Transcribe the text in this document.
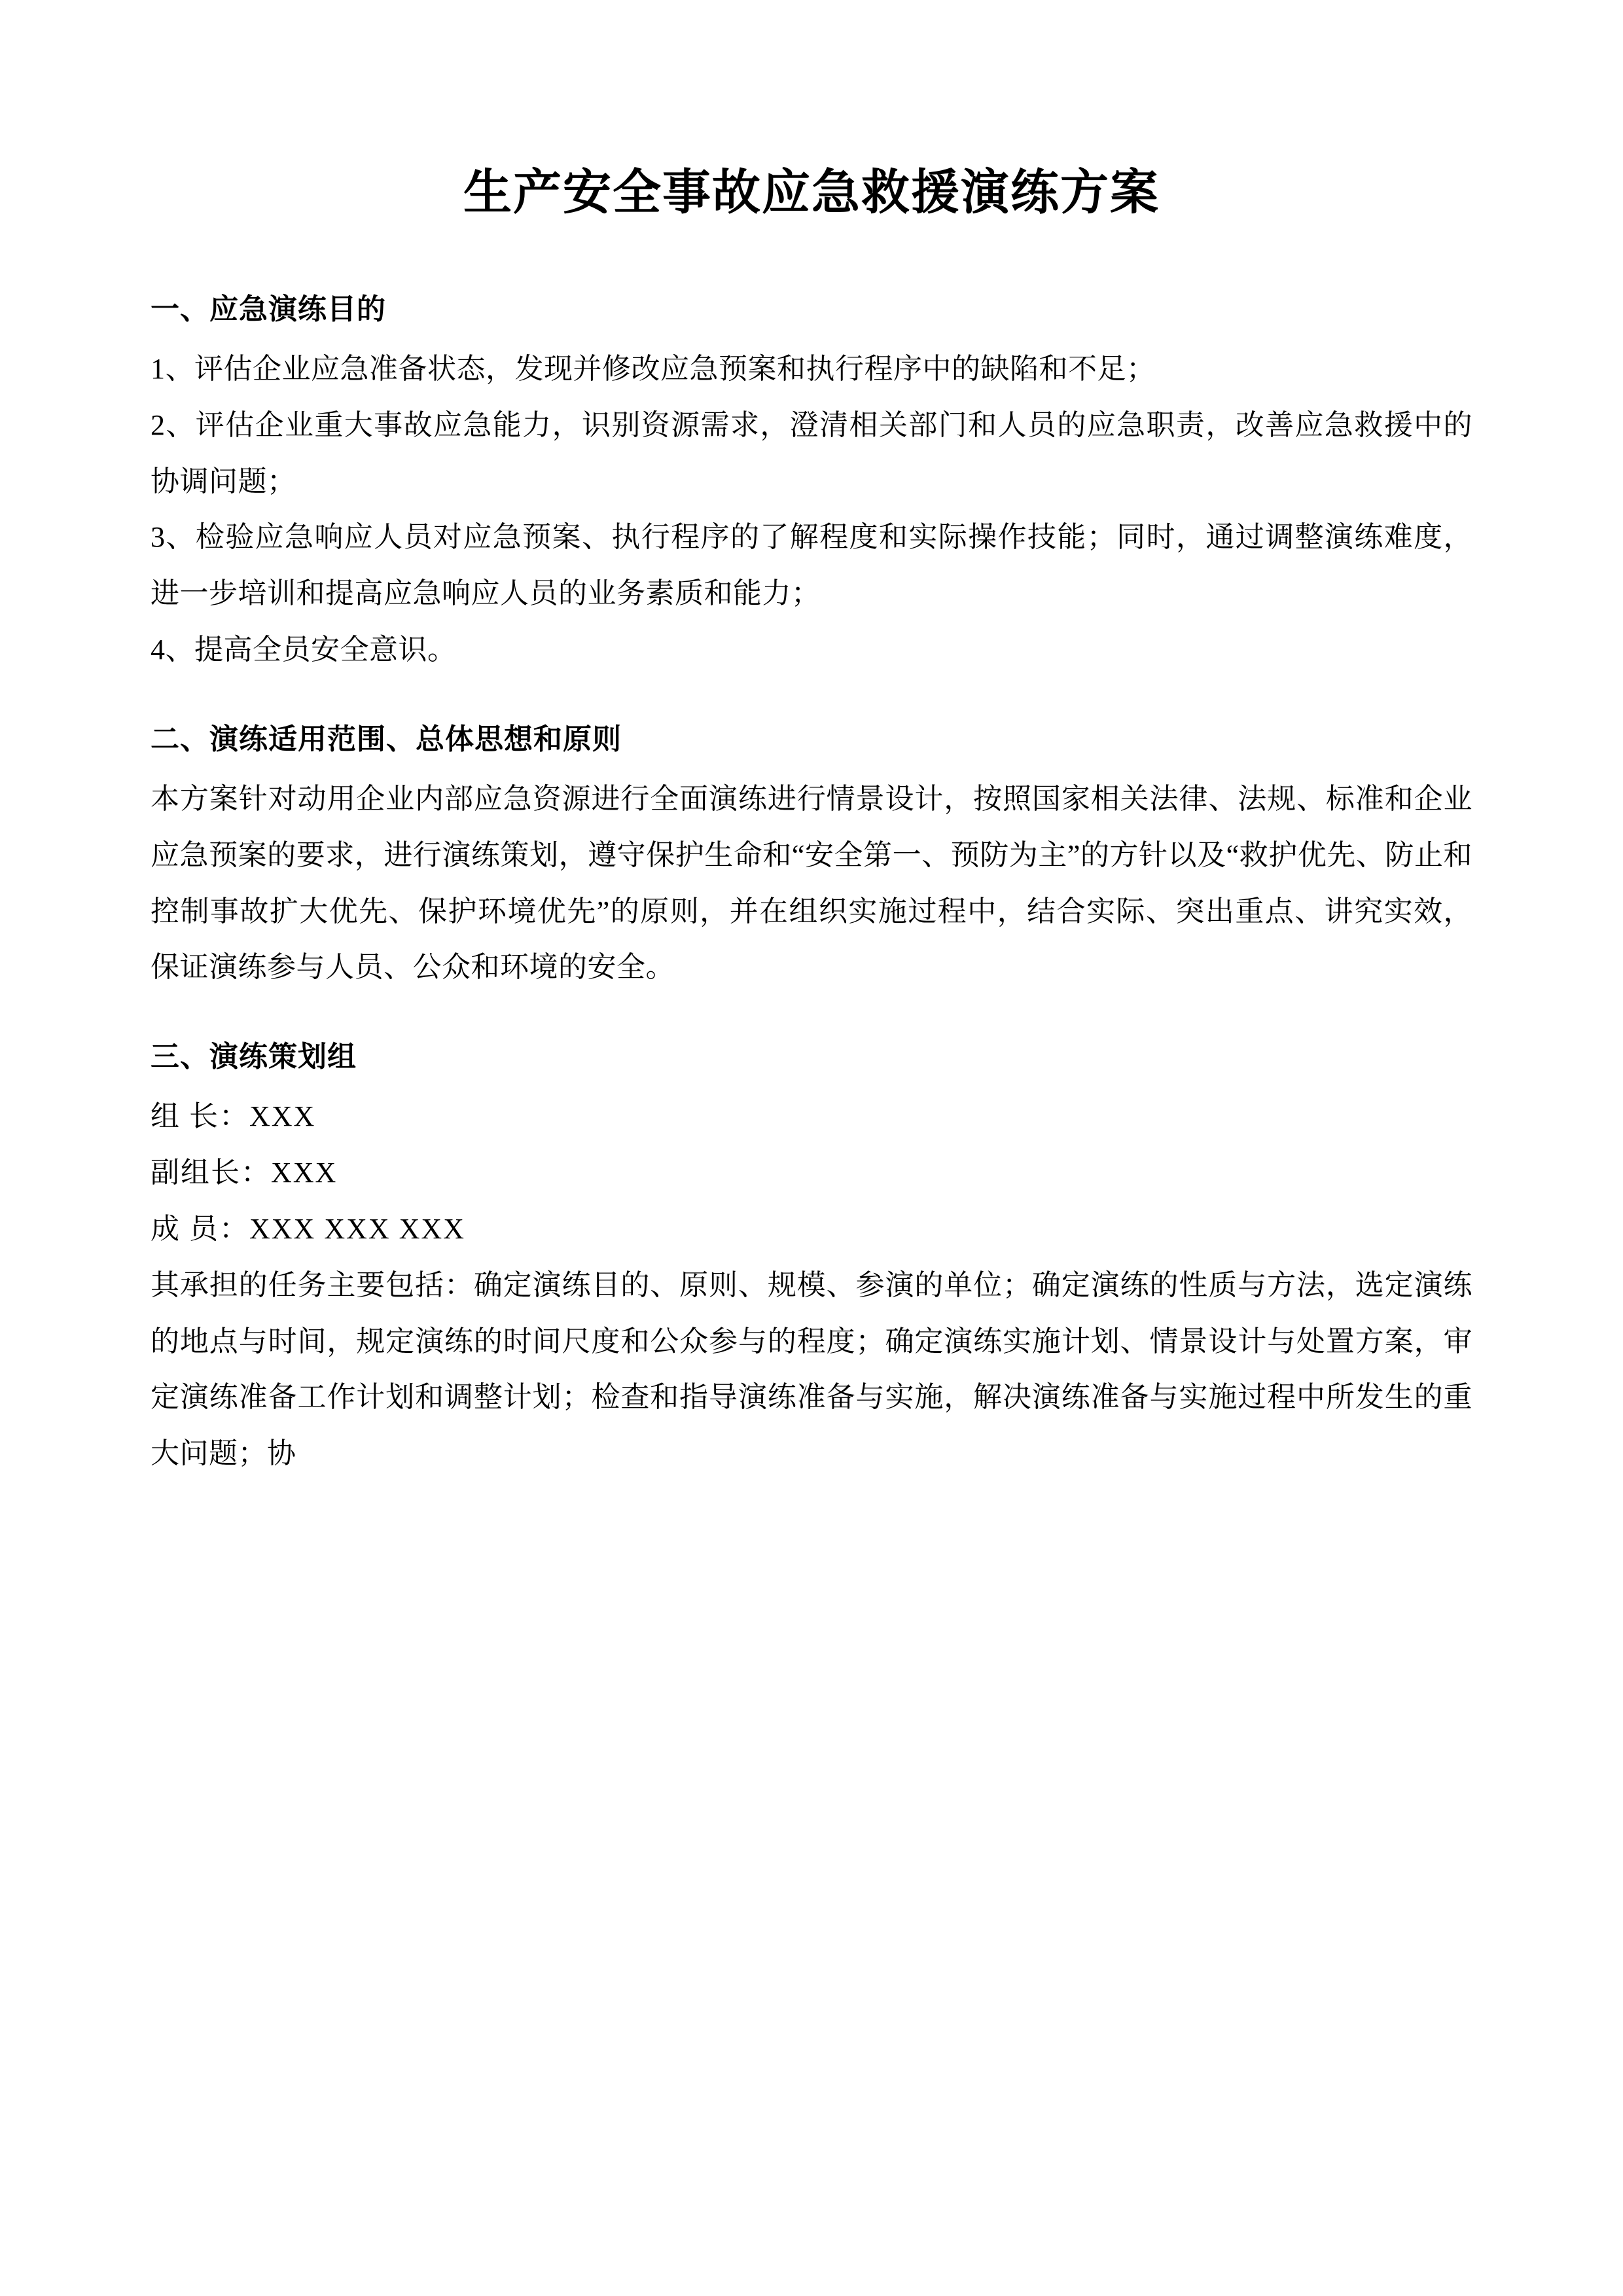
生产安全事故应急救援演练方案
一、应急演练目的

1、评估企业应急准备状态，发现并修改应急预案和执行程序中的缺陷和不足；

2、评估企业重大事故应急能力，识别资源需求，澄清相关部门和人员的应急职责，改善应急救援中的协调问题；

3、检验应急响应人员对应急预案、执行程序的了解程度和实际操作技能；同时，通过调整演练难度，进一步培训和提高应急响应人员的业务素质和能力；

4、提高全员安全意识。

二、演练适用范围、总体思想和原则

本方案针对动用企业内部应急资源进行全面演练进行情景设计，按照国家相关法律、法规、标准和企业应急预案的要求，进行演练策划，遵守保护生命和“安全第一、预防为主”的方针以及“救护优先、防止和控制事故扩大优先、保护环境优先”的原则，并在组织实施过程中，结合实际、突出重点、讲究实效，保证演练参与人员、公众和环境的安全。

三、演练策划组

组 长：XXX

副组长：XXX

成 员：XXX XXX XXX

其承担的任务主要包括：确定演练目的、原则、规模、参演的单位；确定演练的性质与方法，选定演练的地点与时间，规定演练的时间尺度和公众参与的程度；确定演练实施计划、情景设计与处置方案，审定演练准备工作计划和调整计划；检查和指导演练准备与实施，解决演练准备与实施过程中所发生的重大问题；协
